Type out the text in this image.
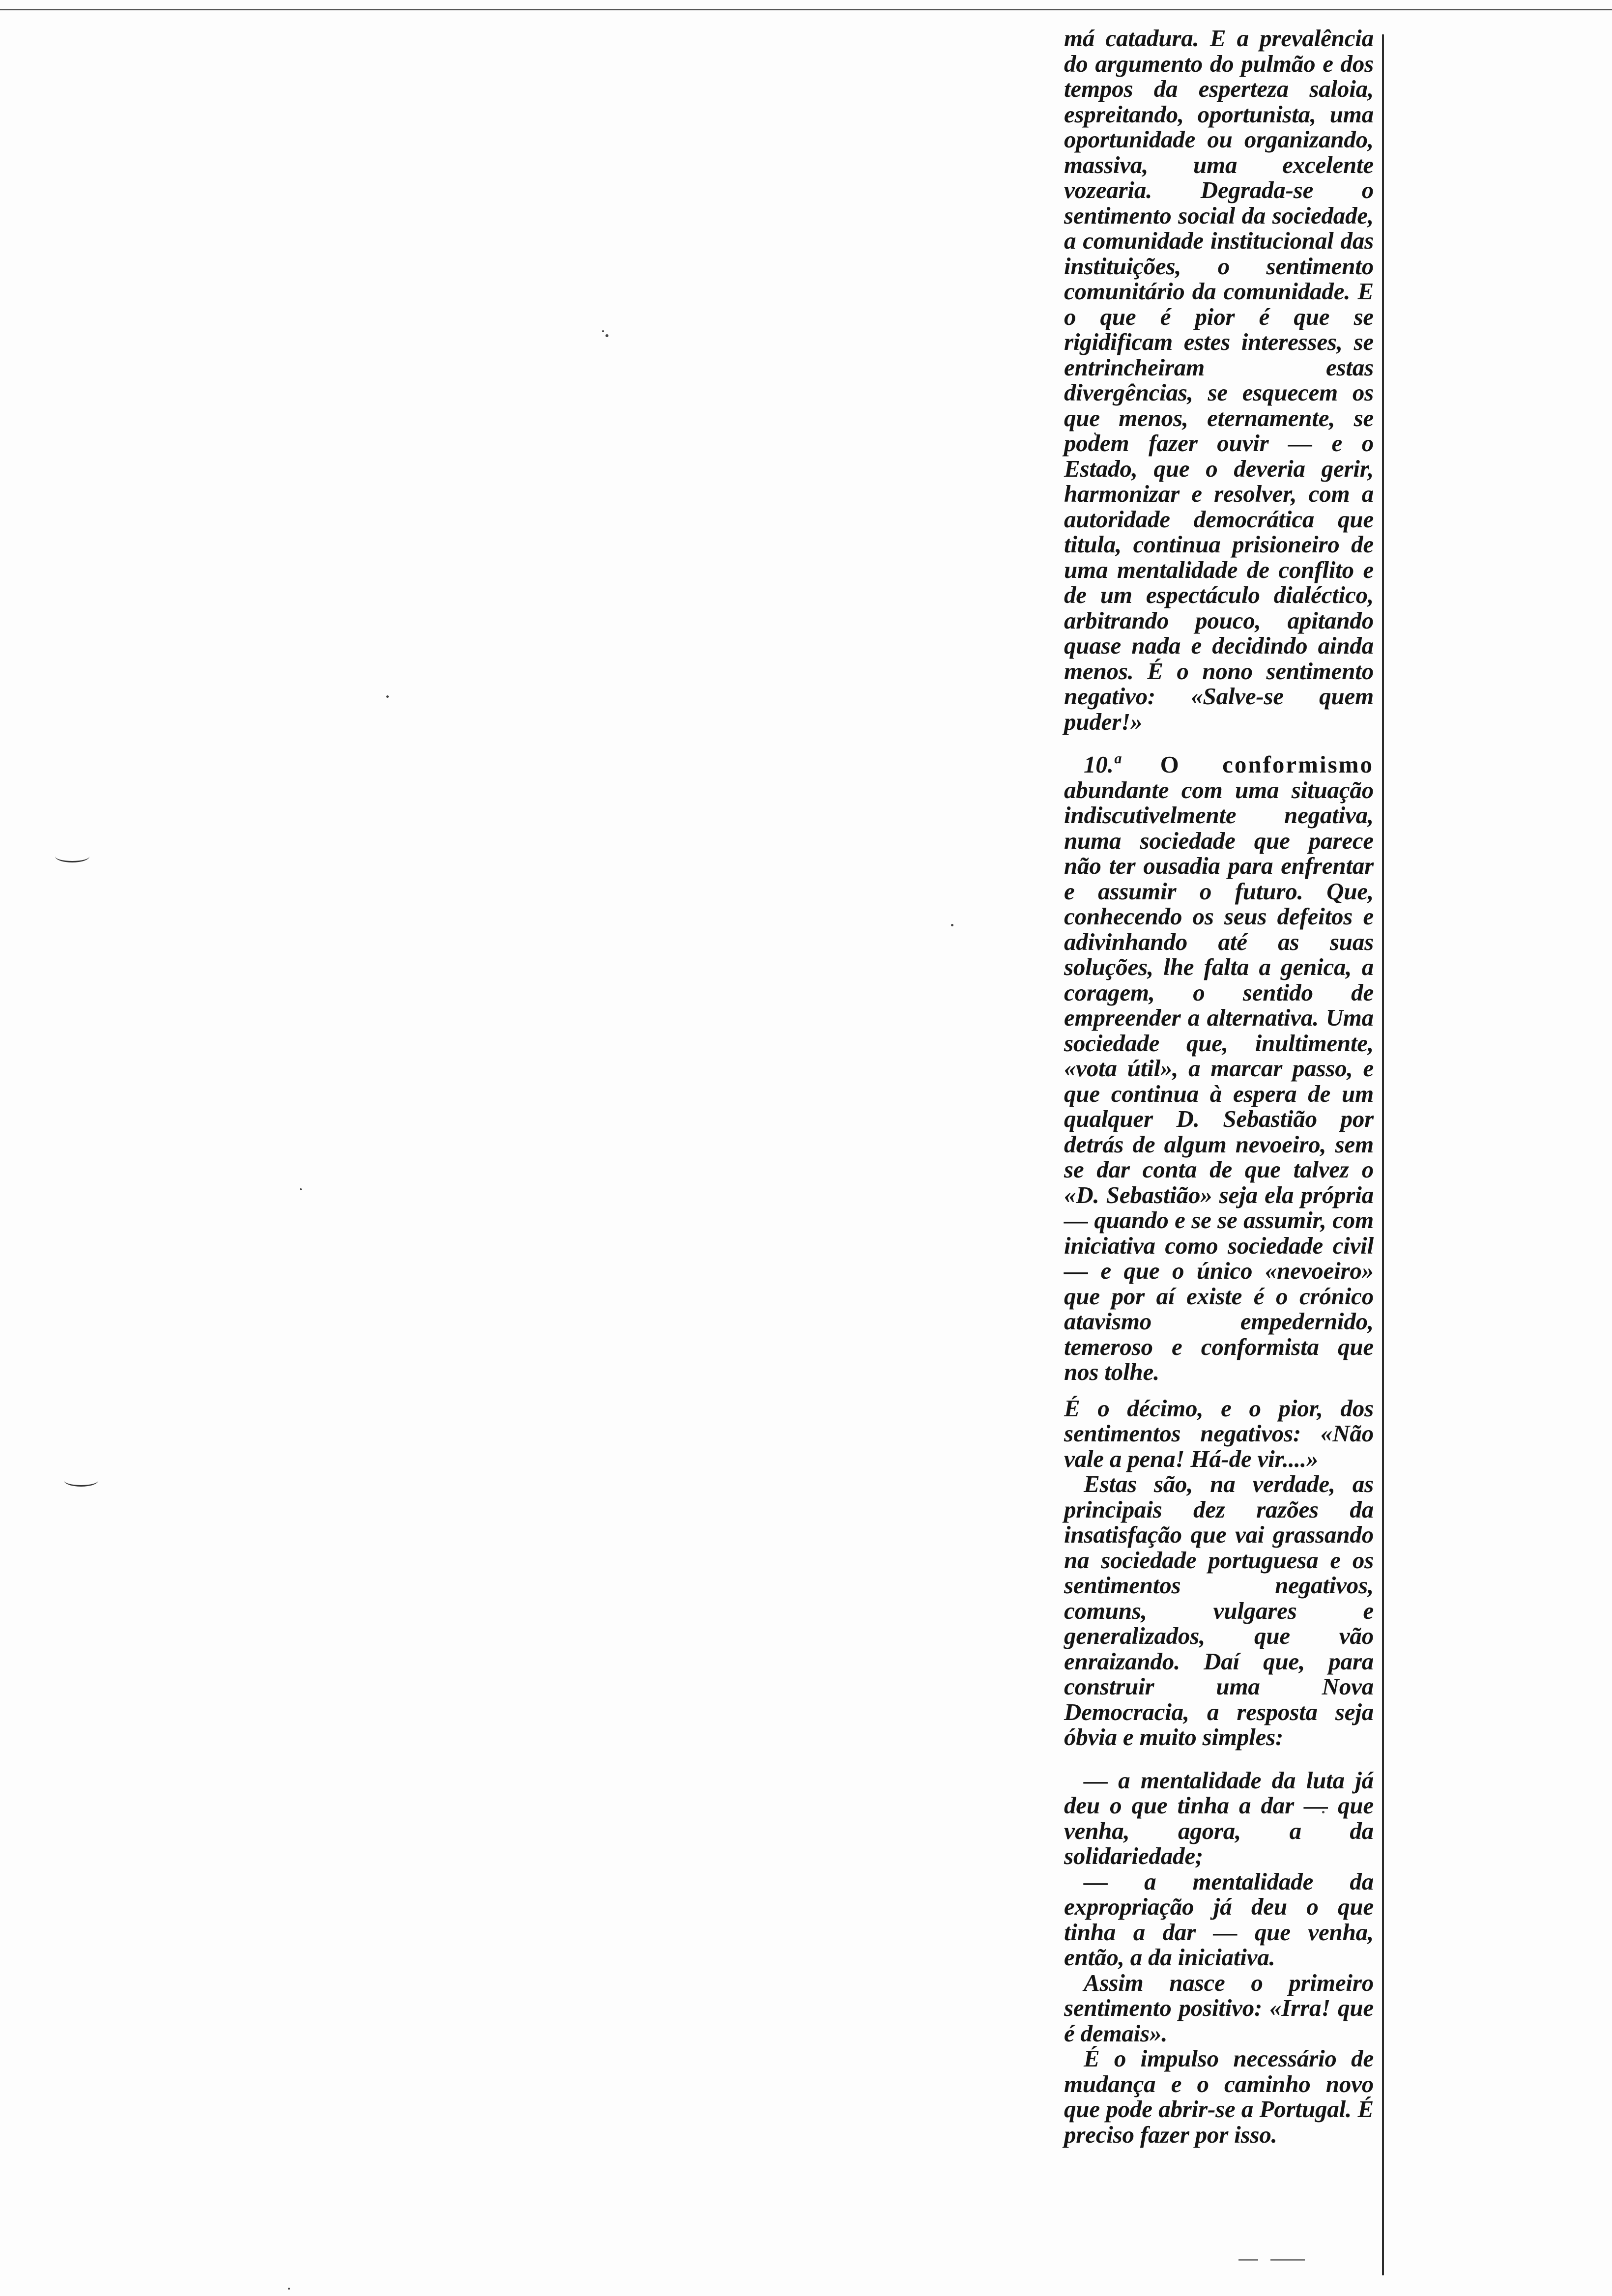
má catadura. E a prevalência do argumento do pulmão e dos tempos da esperteza saloia, espreitando, oportunista, uma oportunidade ou organizando, massiva, uma excelente vozearia. Degrada-se o sentimento social da sociedade, a comunidade institucional das instituições, o sentimento comunitário da comunidade. E o que é pior é que se rigidificam estes interesses, se entrincheiram estas divergências, se esquecem os que menos, eternamente, se podem fazer ouvir — e o Estado, que o deveria gerir, harmonizar e resolver, com a autoridade democrática que titula, continua prisioneiro de uma mentalidade de conflito e de um espectáculo dialéctico, arbitrando pouco, apitando quase nada e decidindo ainda menos. É o nono sentimento negativo: «Salve-se quem puder!»

10.ª O conformismo abundante com uma situação indiscutivelmente negativa, numa sociedade que parece não ter ousadia para enfrentar e assumir o futuro. Que, conhecendo os seus defeitos e adivinhando até as suas soluções, lhe falta a genica, a coragem, o sentido de empreender a alternativa. Uma sociedade que, inultimente, «vota útil», a marcar passo, e que continua à espera de um qualquer D. Sebastião por detrás de algum nevoeiro, sem se dar conta de que talvez o «D. Sebastião» seja ela própria — quando e se se assumir, com iniciativa como sociedade civil — e que o único «nevoeiro» que por aí existe é o crónico atavismo empedernido, temeroso e conformista que nos tolhe.

É o décimo, e o pior, dos sentimentos negativos: «Não vale a pena! Há-de vir....»

Estas são, na verdade, as principais dez razões da insatisfação que vai grassando na sociedade portuguesa e os sentimentos negativos, comuns, vulgares e generalizados, que vão enraizando. Daí que, para construir uma Nova Democracia, a resposta seja óbvia e muito simples:

— a mentalidade da luta já deu o que tinha a dar — que venha, agora, a da solidariedade;

— a mentalidade da expropriação já deu o que tinha a dar — que venha, então, a da iniciativa.

Assim nasce o primeiro sentimento positivo: «Irra! que é demais».

É o impulso necessário de mudança e o caminho novo que pode abrir-se a Portugal. É preciso fazer por isso.
